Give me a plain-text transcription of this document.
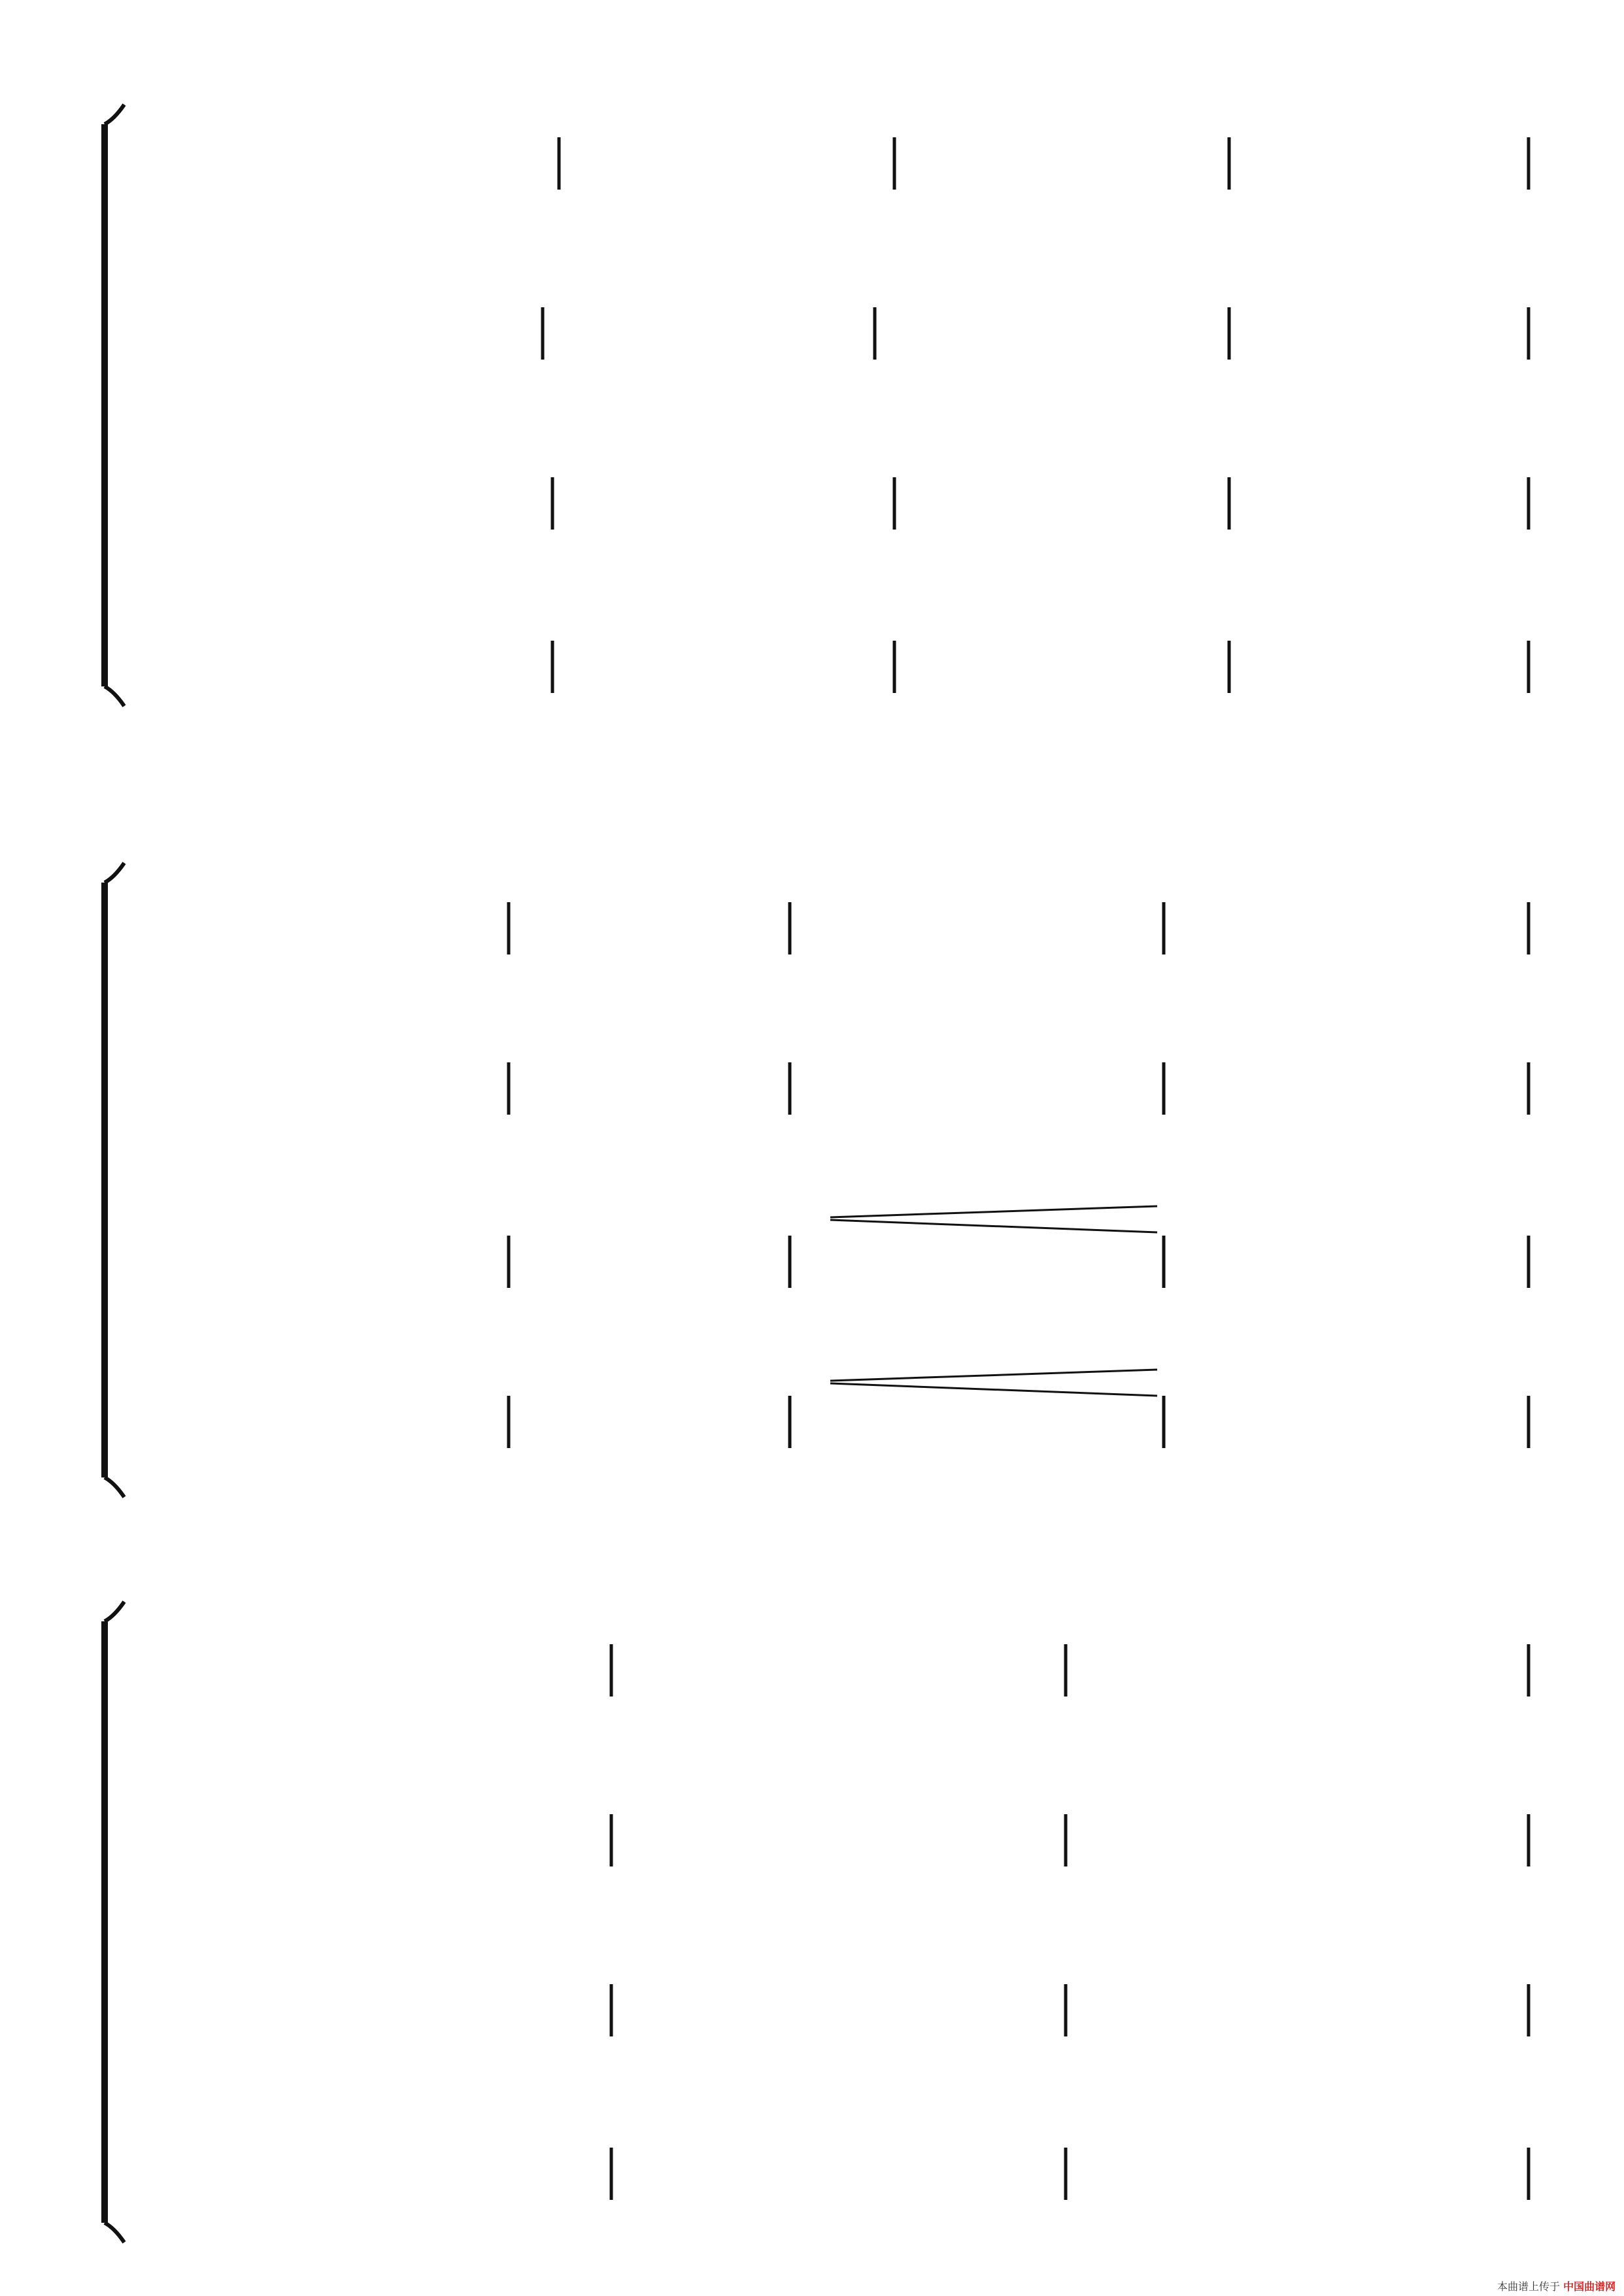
本曲谱上传于 中国曲谱网
